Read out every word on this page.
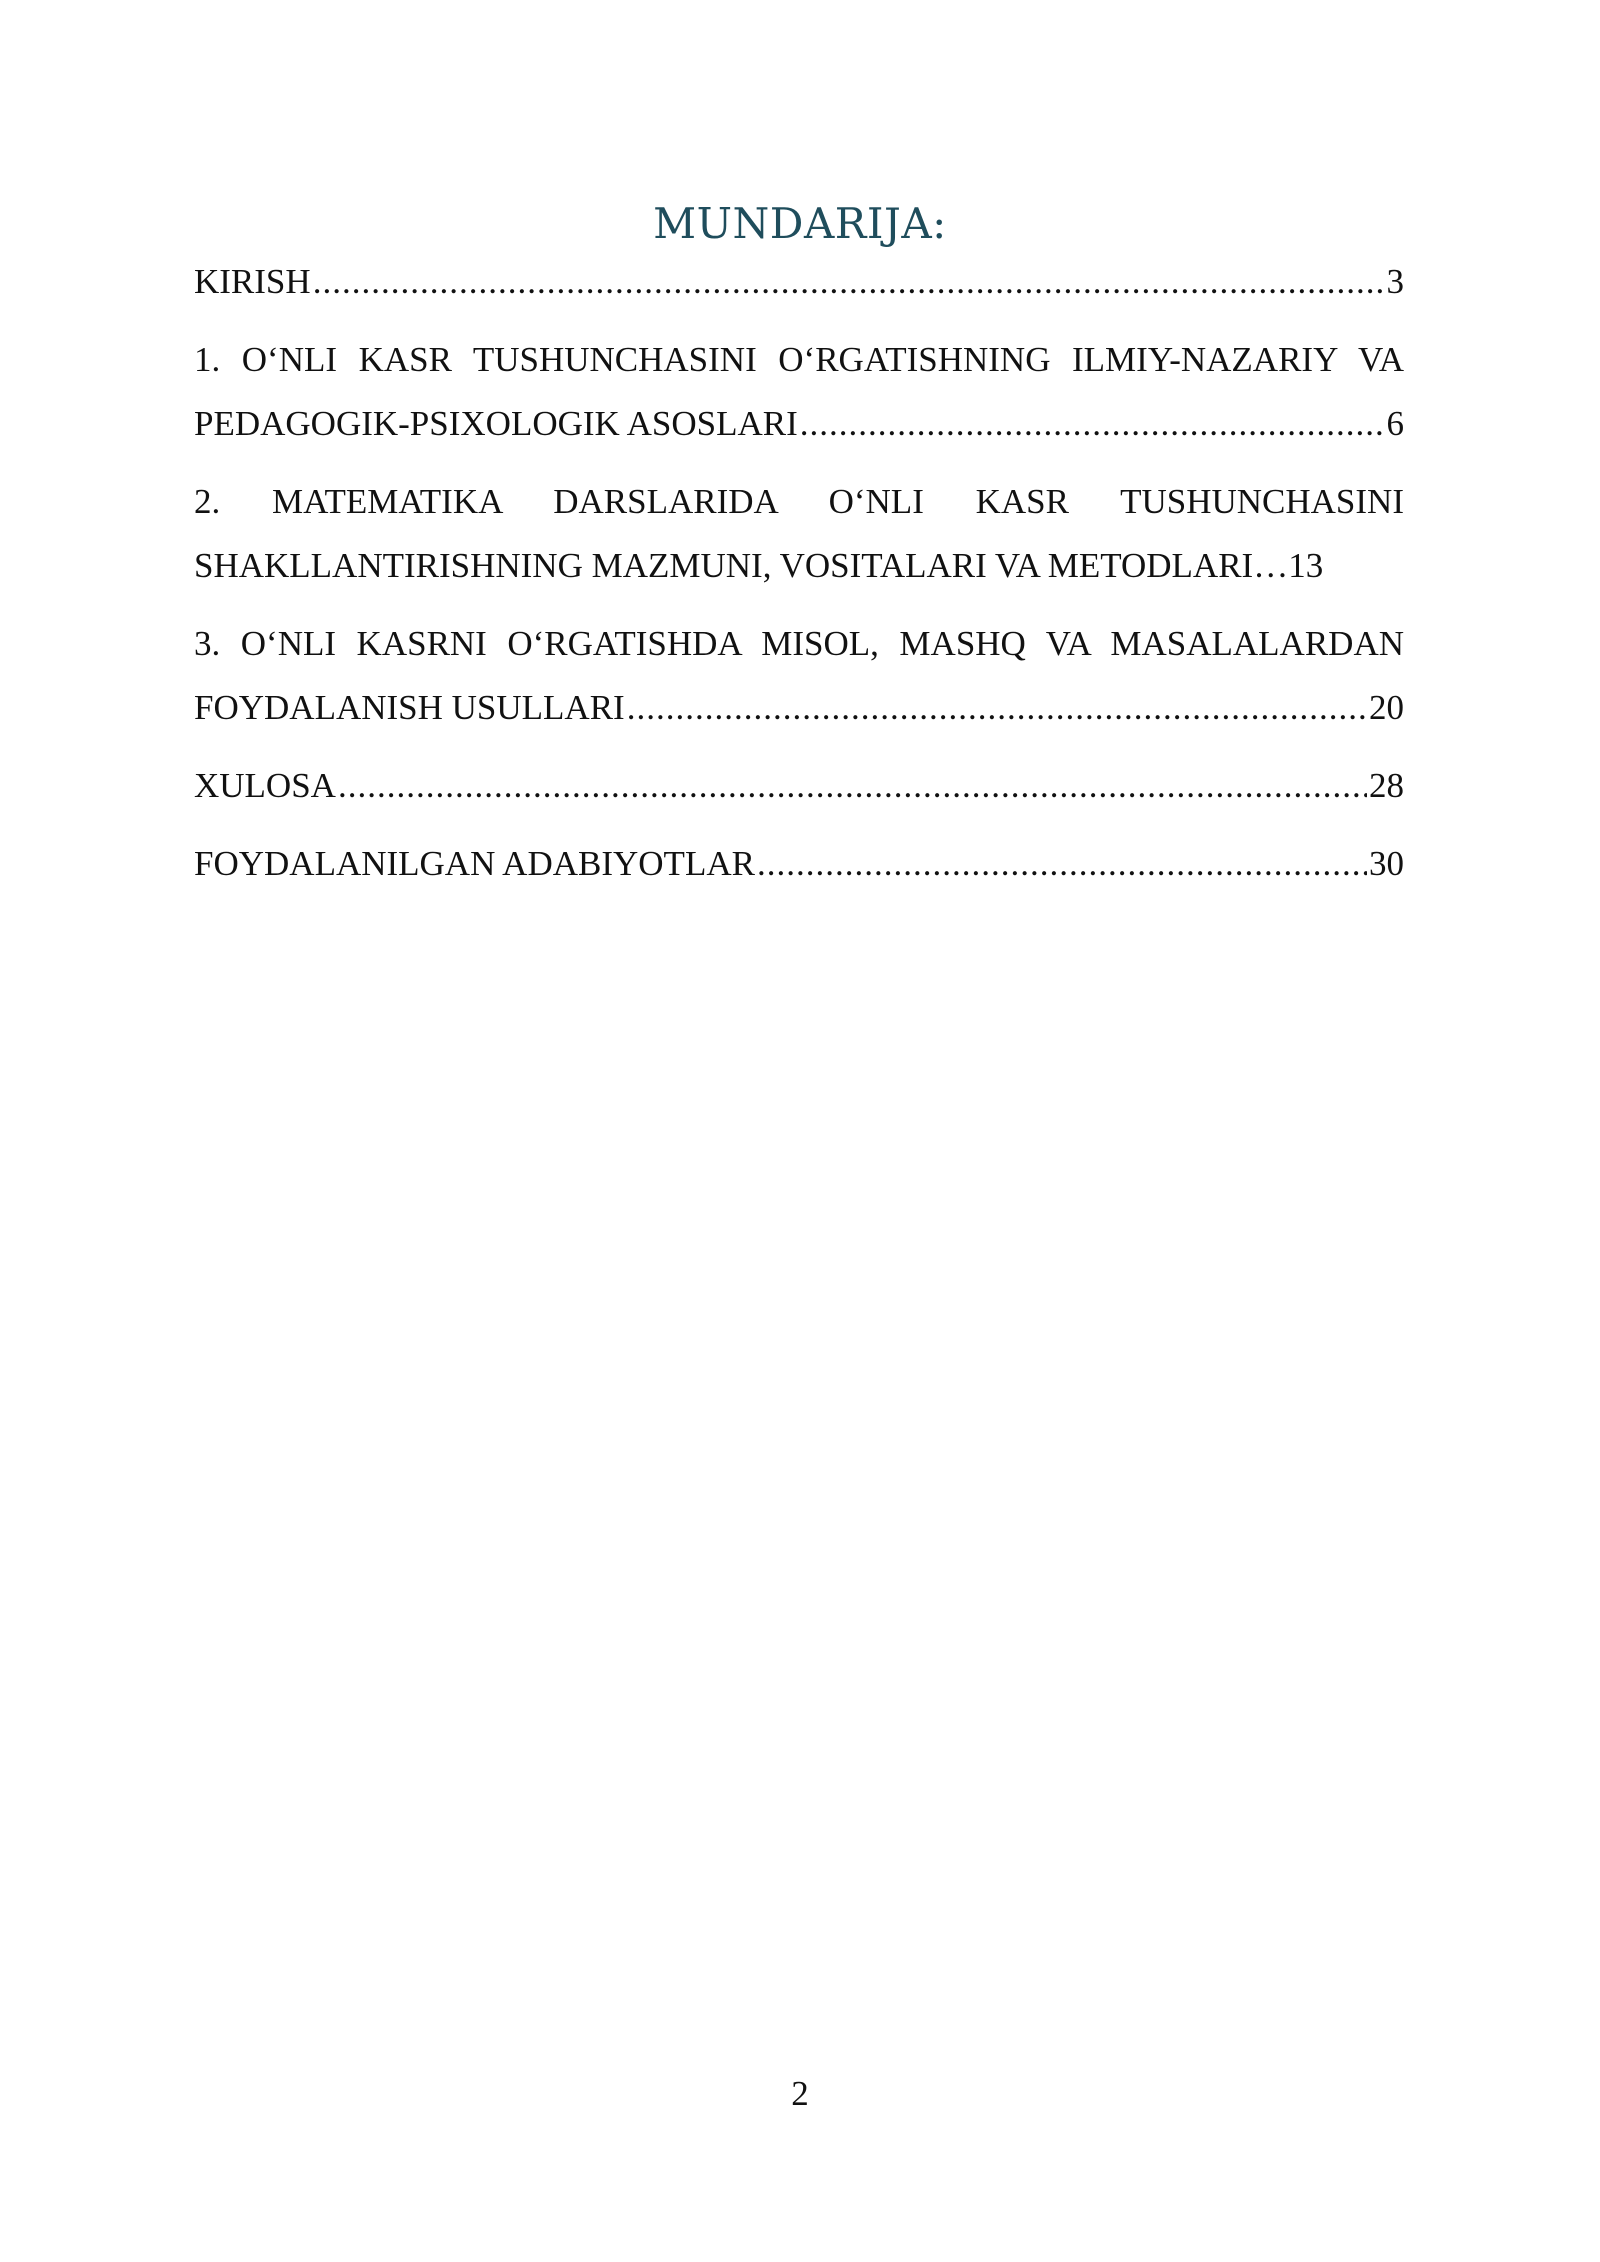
MUNDARIJA:
KIRISH .....	3
1. O‘NLI KASR TUSHUNCHASINI O‘RGATISHNING ILMIY-NAZARIY VA
PEDAGOGIK-PSIXOLOGIK ASOSLARI .....	6
2. MATEMATIKA DARSLARIDA O‘NLI KASR TUSHUNCHASINI
SHAKLLANTIRISHNING MAZMUNI, VOSITALARI VA METODLARI… 13
3. O‘NLI KASRNI O‘RGATISHDA MISOL, MASHQ VA MASALALARDAN
FOYDALANISH USULLARI .....	20
XULOSA .....	28
FOYDALANILGAN ADABIYOTLAR .....	30
2
